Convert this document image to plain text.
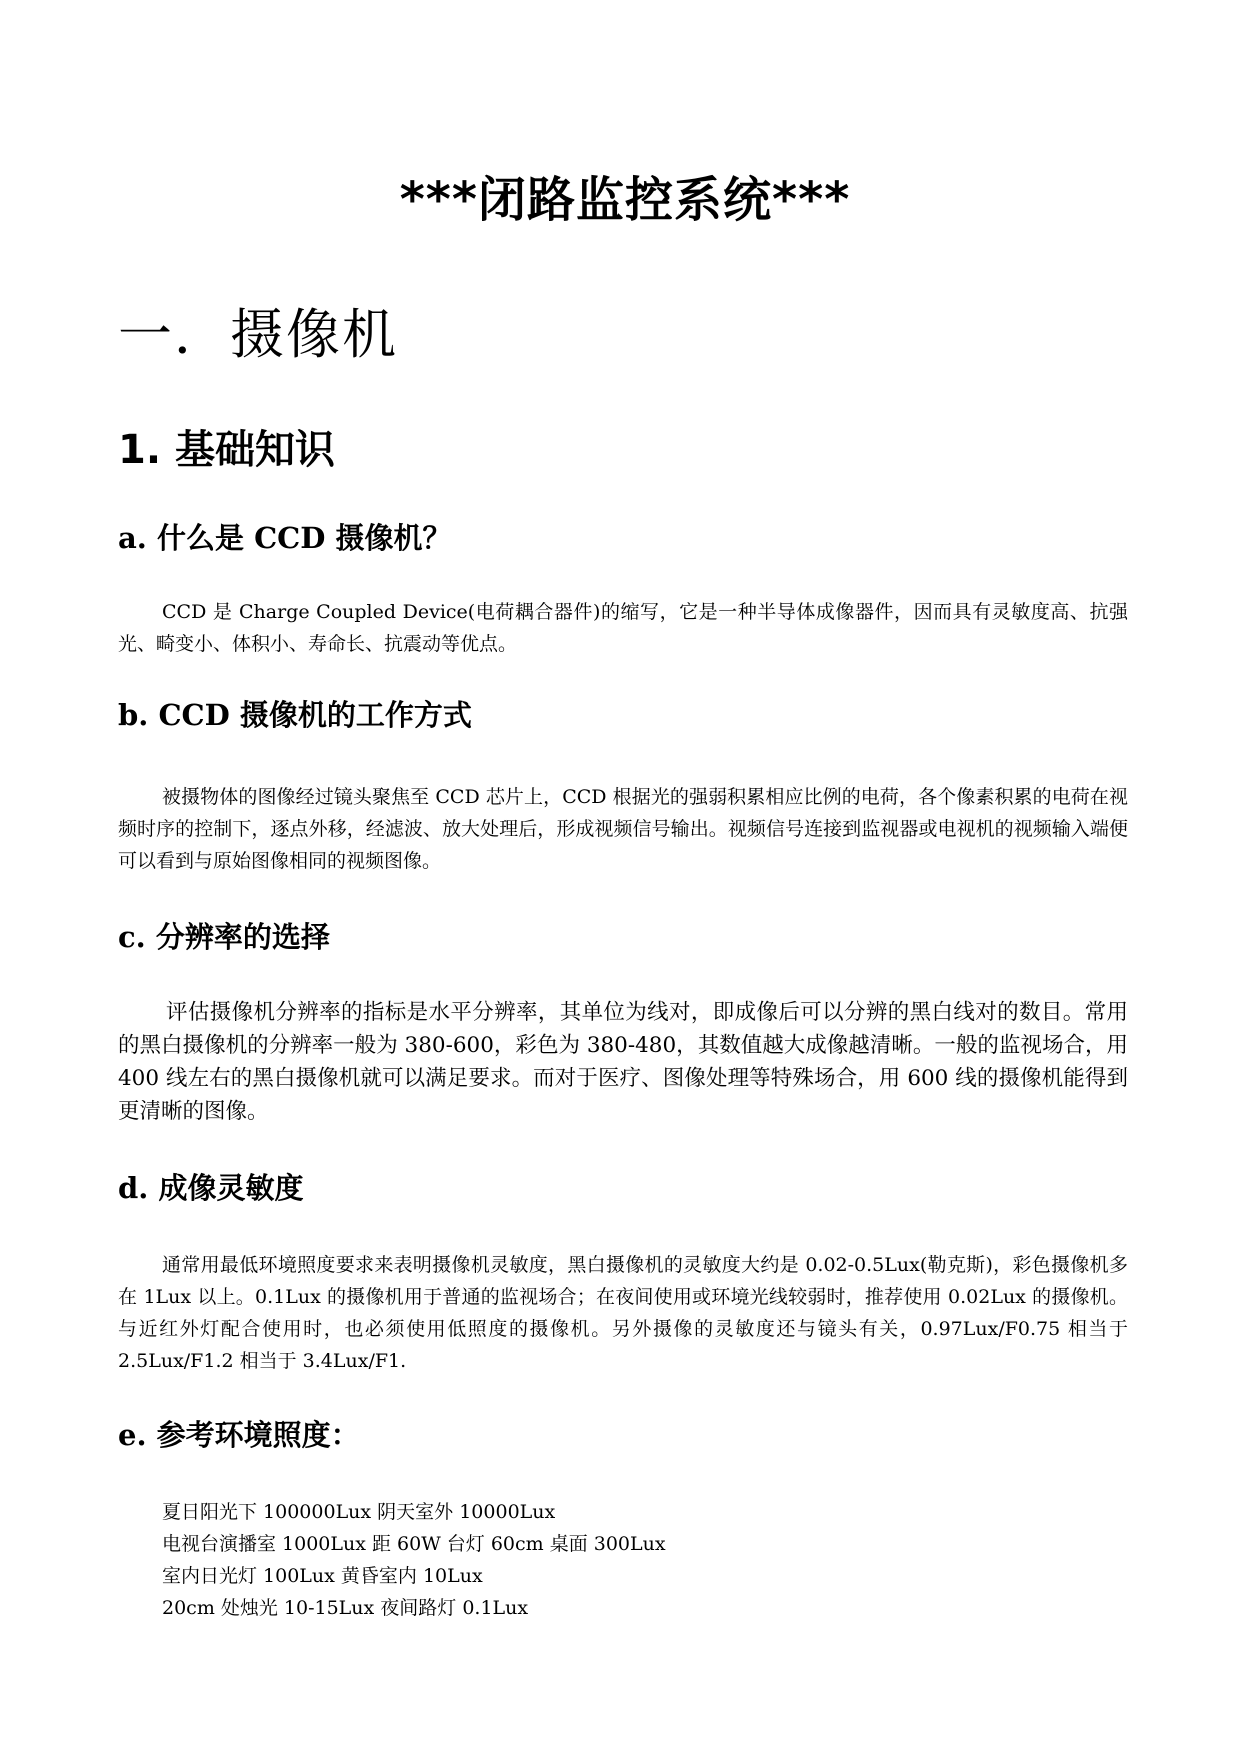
***闭路监控系统***
一．摄像机
1. 基础知识
a. 什么是 CCD 摄像机？

CCD 是 Charge Coupled Device(电荷耦合器件)的缩写，它是一种半导体成像器件，因而具有灵敏度高、抗强光、畸变小、体积小、寿命长、抗震动等优点。

b. CCD 摄像机的工作方式

被摄物体的图像经过镜头聚焦至 CCD 芯片上，CCD 根据光的强弱积累相应比例的电荷，各个像素积累的电荷在视频时序的控制下，逐点外移，经滤波、放大处理后，形成视频信号输出。视频信号连接到监视器或电视机的视频输入端便可以看到与原始图像相同的视频图像。

c. 分辨率的选择

评估摄像机分辨率的指标是水平分辨率，其单位为线对，即成像后可以分辨的黑白线对的数目。常用的黑白摄像机的分辨率一般为 380-600，彩色为 380-480，其数值越大成像越清晰。一般的监视场合，用 400 线左右的黑白摄像机就可以满足要求。而对于医疗、图像处理等特殊场合，用 600 线的摄像机能得到更清晰的图像。

d. 成像灵敏度

通常用最低环境照度要求来表明摄像机灵敏度，黑白摄像机的灵敏度大约是 0.02-0.5Lux(勒克斯)，彩色摄像机多在 1Lux 以上。0.1Lux 的摄像机用于普通的监视场合；在夜间使用或环境光线较弱时，推荐使用 0.02Lux 的摄像机。与近红外灯配合使用时，也必须使用低照度的摄像机。另外摄像的灵敏度还与镜头有关，0.97Lux/F0.75 相当于 2.5Lux/F1.2 相当于 3.4Lux/F1.

e. 参考环境照度：
夏日阳光下 100000Lux 阴天室外 10000Lux
电视台演播室 1000Lux 距 60W 台灯 60cm 桌面 300Lux
室内日光灯 100Lux 黄昏室内 10Lux
20cm 处烛光 10-15Lux 夜间路灯 0.1Lux
